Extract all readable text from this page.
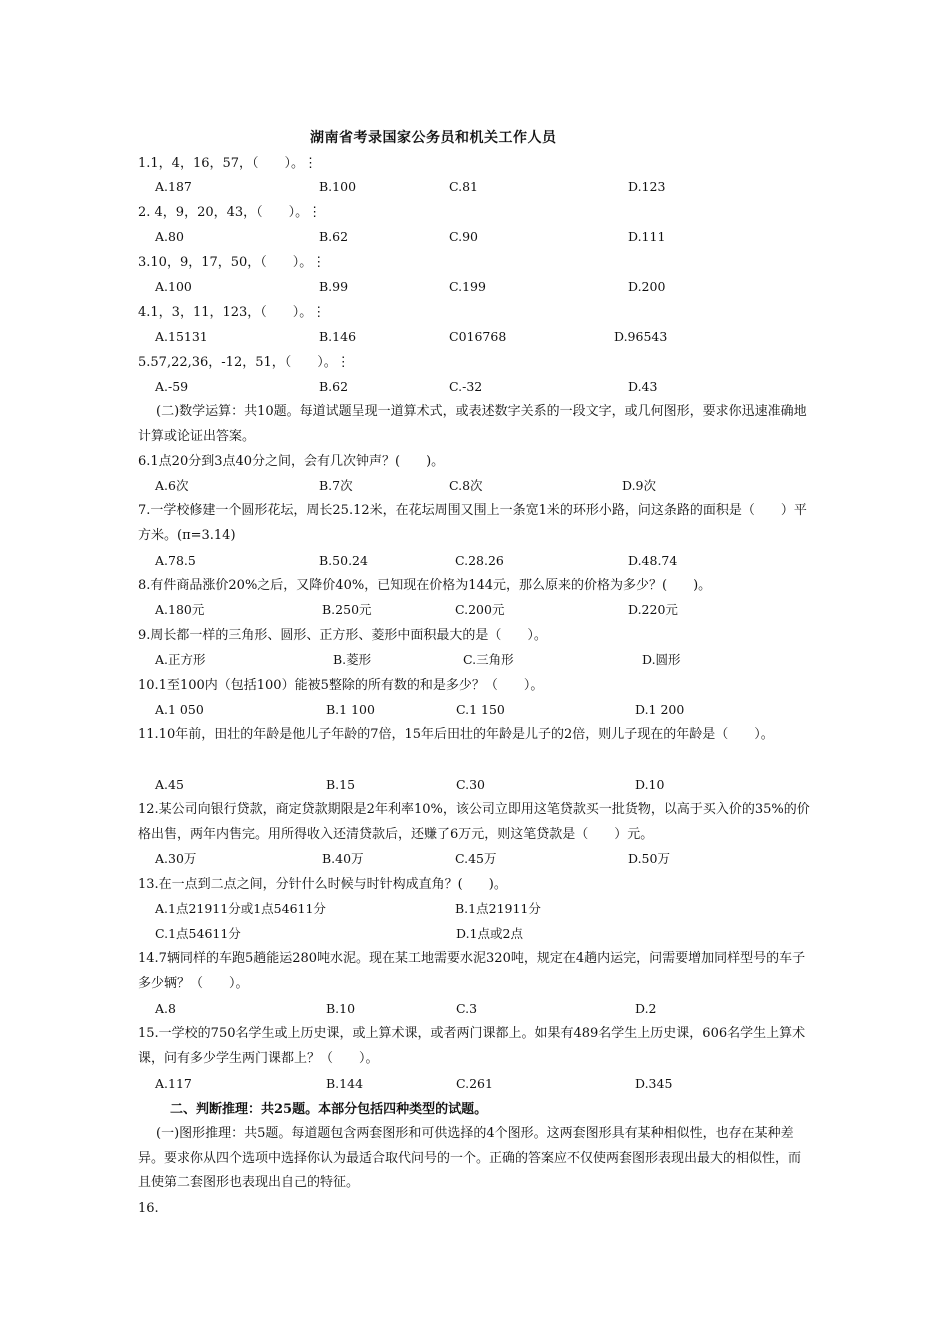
湖南省考录国家公务员和机关工作人员
1.1，4，16，57，（　　）。⋮
A.187	B.100	C.81	D.123
2. 4，9，20，43，（　　）。⋮
A.80	B.62	C.90	D.111
3.10，9，17，50，（　　）。⋮
A.100	B.99	C.199	D.200
4.1，3，11，123，（　　）。⋮
A.15131	B.146	C016768	D.96543
5.57,22,36，-12，51，（　　）。⋮
A.-59	B.62	C.-32	D.43
(二)数学运算：共10题。每道试题呈现一道算术式，或表述数字关系的一段文字，或几何图形，要求你迅速准确地计算或论证出答案。
6.1点20分到3点40分之间，会有几次钟声？(　　)。
A.6次	B.7次	C.8次	D.9次
7.一学校修建一个圆形花坛，周长25.12米，在花坛周围又围上一条宽1米的环形小路，问这条路的面积是（　　）平方米。(π=3.14)
A.78.5	B.50.24	C.28.26	D.48.74
8.有件商品涨价20%之后，又降价40%，已知现在价格为144元，那么原来的价格为多少？(　　)。
A.180元	B.250元	C.200元	D.220元
9.周长都一样的三角形、圆形、正方形、菱形中面积最大的是（　　）。
A.正方形	B.菱形	C.三角形	D.圆形
10.1至100内（包括100）能被5整除的所有数的和是多少？（　　）。
A.1 050	B.1 100	C.1 150	D.1 200
11.10年前，田壮的年龄是他儿子年龄的7倍，15年后田壮的年龄是儿子的2倍，则儿子现在的年龄是（　　）。
A.45	B.15	C.30	D.10
12.某公司向银行贷款，商定贷款期限是2年利率10%，该公司立即用这笔贷款买一批货物，以高于买入价的35%的价格出售，两年内售完。用所得收入还清贷款后，还赚了6万元，则这笔贷款是（　　）元。
A.30万	B.40万	C.45万	D.50万
13.在一点到二点之间，分针什么时候与时针构成直角？(　　)。
A.1点21911分或1点54611分	B.1点21911分
C.1点54611分	D.1点或2点
14.7辆同样的车跑5趟能运280吨水泥。现在某工地需要水泥320吨，规定在4趟内运完，问需要增加同样型号的车子多少辆？（　　）。
A.8	B.10	C.3	D.2
15.一学校的750名学生或上历史课，或上算术课，或者两门课都上。如果有489名学生上历史课，606名学生上算术课，问有多少学生两门课都上？（　　）。
A.117	B.144	C.261	D.345
二、判断推理：共25题。本部分包括四种类型的试题。
(一)图形推理：共5题。每道题包含两套图形和可供选择的4个图形。这两套图形具有某种相似性，也存在某种差异。要求你从四个选项中选择你认为最适合取代问号的一个。正确的答案应不仅使两套图形表现出最大的相似性，而且使第二套图形也表现出自己的特征。
16.
